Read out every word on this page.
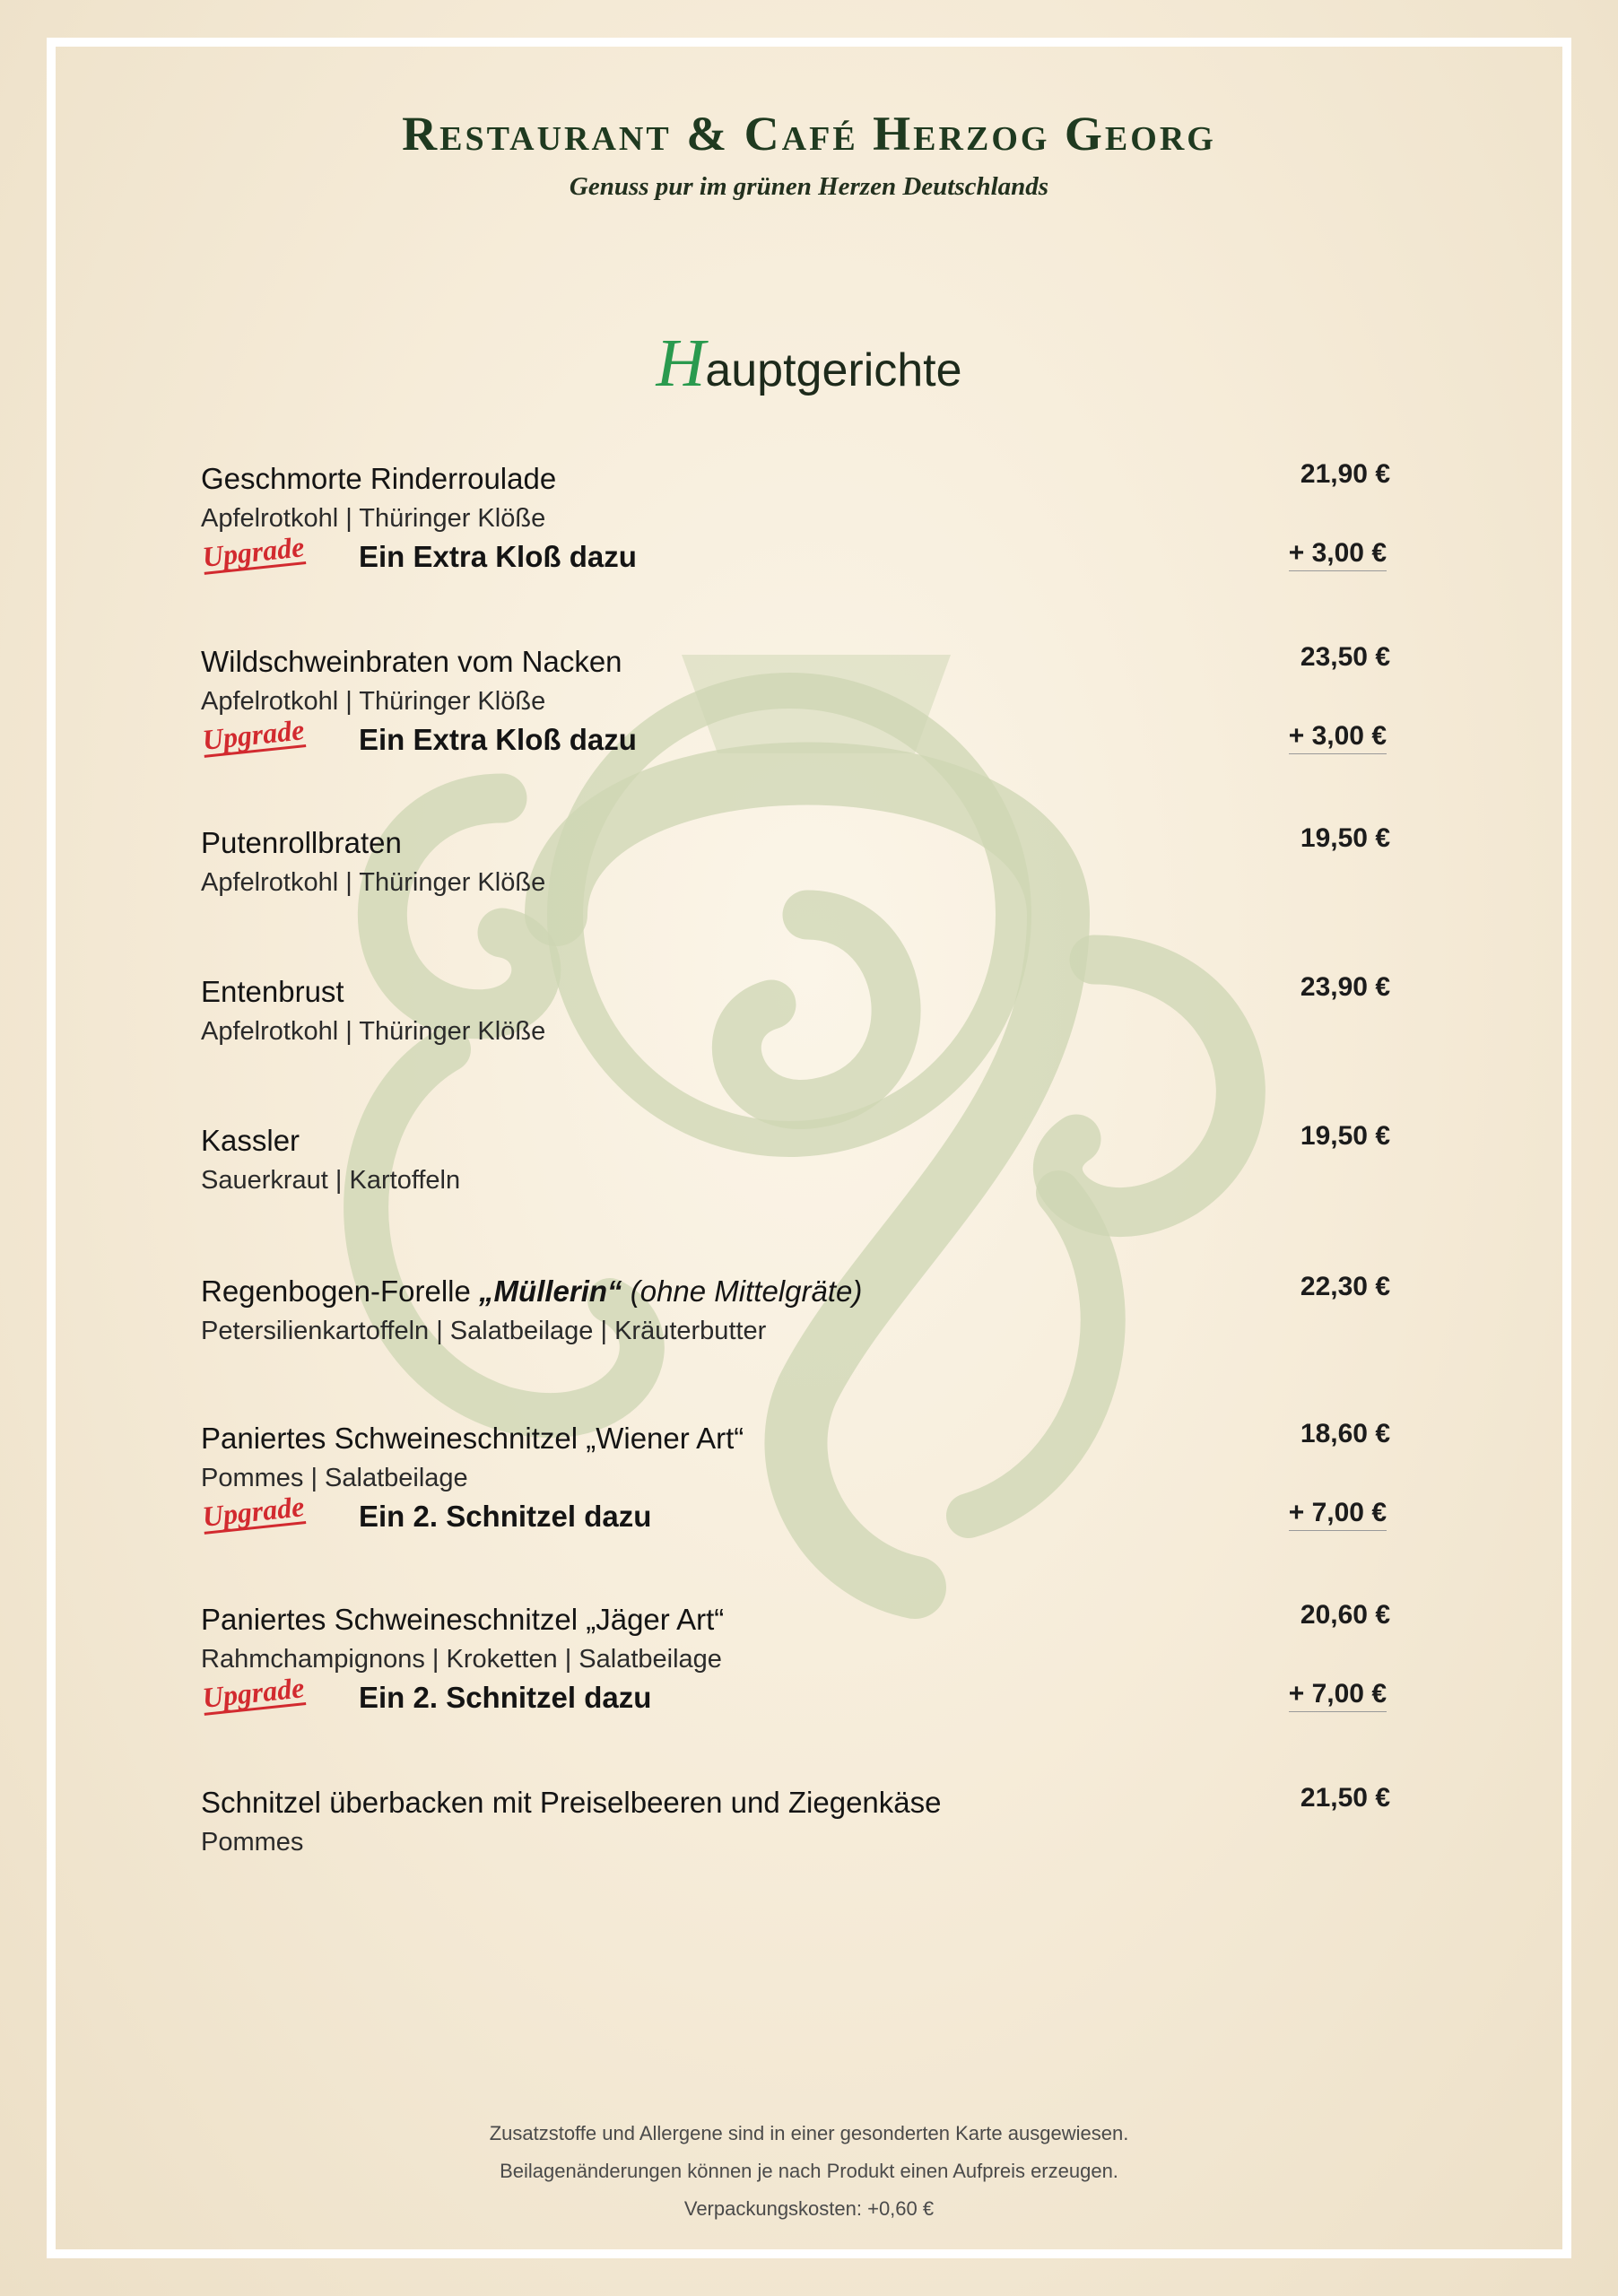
Restaurant & Café Herzog Georg
Genuss pur im grünen Herzen Deutschlands
Hauptgerichte
Geschmorte Rinderroulade	21,90 €
Apfelrotkohl | Thüringer Klöße
Upgrade Ein Extra Kloß dazu	+ 3,00 €
Wildschweinbraten vom Nacken	23,50 €
Apfelrotkohl | Thüringer Klöße
Upgrade Ein Extra Kloß dazu	+ 3,00 €
Putenrollbraten	19,50 €
Apfelrotkohl | Thüringer Klöße
Entenbrust	23,90 €
Apfelrotkohl | Thüringer Klöße
Kassler	19,50 €
Sauerkraut | Kartoffeln
Regenbogen-Forelle „Müllerin“ (ohne Mittelgräte)	22,30 €
Petersilienkartoffeln | Salatbeilage | Kräuterbutter
Paniertes Schweineschnitzel „Wiener Art“	18,60 €
Pommes | Salatbeilage
Upgrade Ein 2. Schnitzel dazu	+ 7,00 €
Paniertes Schweineschnitzel „Jäger Art“	20,60 €
Rahmchampignons | Kroketten | Salatbeilage
Upgrade Ein 2. Schnitzel dazu	+ 7,00 €
Schnitzel überbacken mit Preiselbeeren und Ziegenkäse	21,50 €
Pommes
Zusatzstoffe und Allergene sind in einer gesonderten Karte ausgewiesen.
Beilagenänderungen können je nach Produkt einen Aufpreis erzeugen.
Verpackungskosten: +0,60 €
